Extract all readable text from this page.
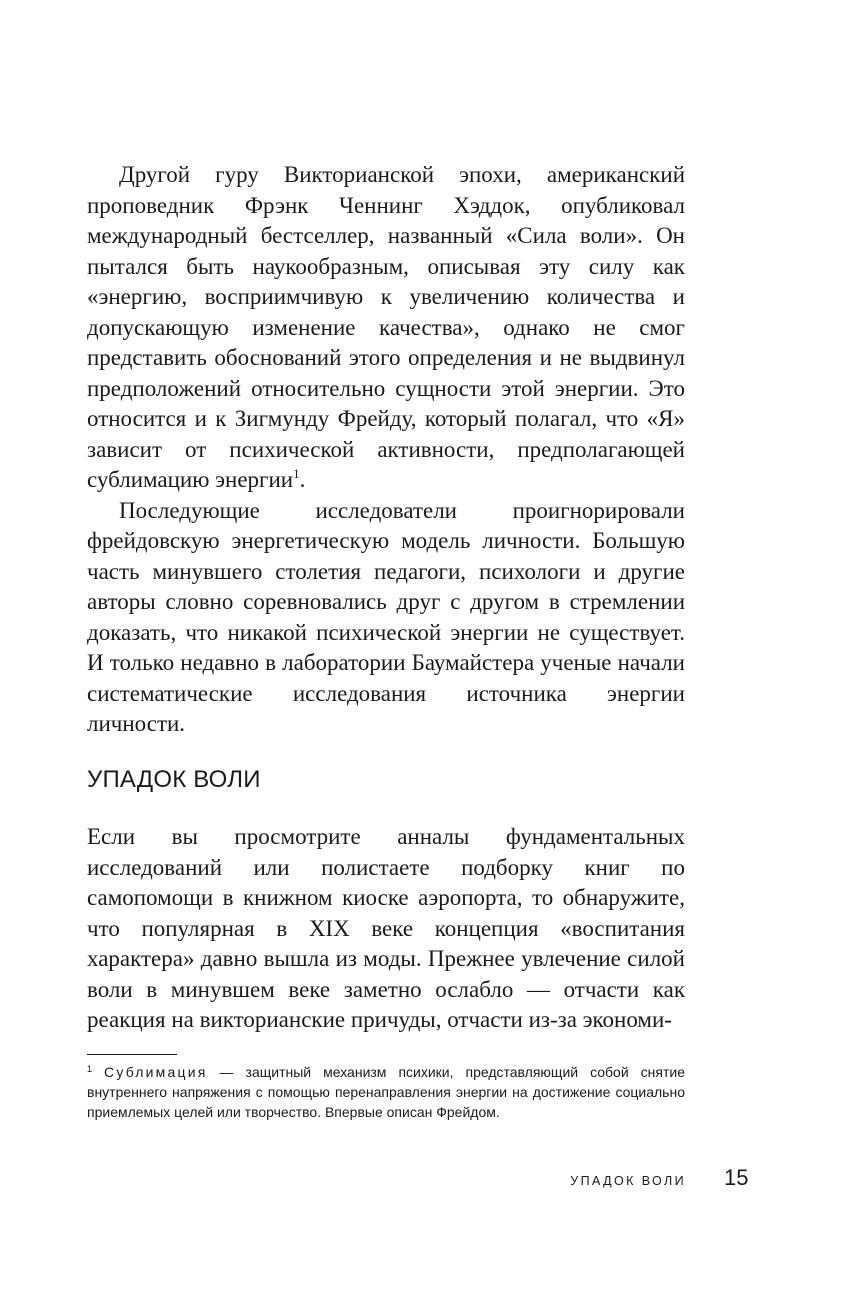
Другой гуру Викторианской эпохи, американский проповедник Фрэнк Ченнинг Хэддок, опубликовал международный бестселлер, названный «Сила воли». Он пытался быть наукообразным, описывая эту силу как «энергию, восприимчивую к увеличению количества и допускающую изменение качества», однако не смог представить обоснований этого определения и не выдвинул предположений относительно сущности этой энергии. Это относится и к Зигмунду Фрейду, который полагал, что «Я» зависит от психической активности, предполагающей сублимацию энергии$^1$.

Последующие исследователи проигнорировали фрейдовскую энергетическую модель личности. Большую часть минувшего столетия педагоги, психологи и другие авторы словно соревновались друг с другом в стремлении доказать, что никакой психической энергии не существует. И только недавно в лаборатории Баумайстера ученые начали систематические исследования источника энергии личности.

УПАДОК ВОЛИ

Если вы просмотрите анналы фундаментальных исследований или полистаете подборку книг по самопомощи в книжном киоске аэропорта, то обнаружите, что популярная в XIX веке концепция «воспитания характера» давно вышла из моды. Прежнее увлечение силой воли в минувшем веке заметно ослабло — отчасти как реакция на викторианские причуды, отчасти из-за экономи-

$^1$ Сублимация — защитный механизм психики, представляющий собой снятие внутреннего напряжения с помощью перенаправления энергии на достижение социально приемлемых целей или творчество. Впервые описан Фрейдом.

УПАДОК ВОЛИ 15
